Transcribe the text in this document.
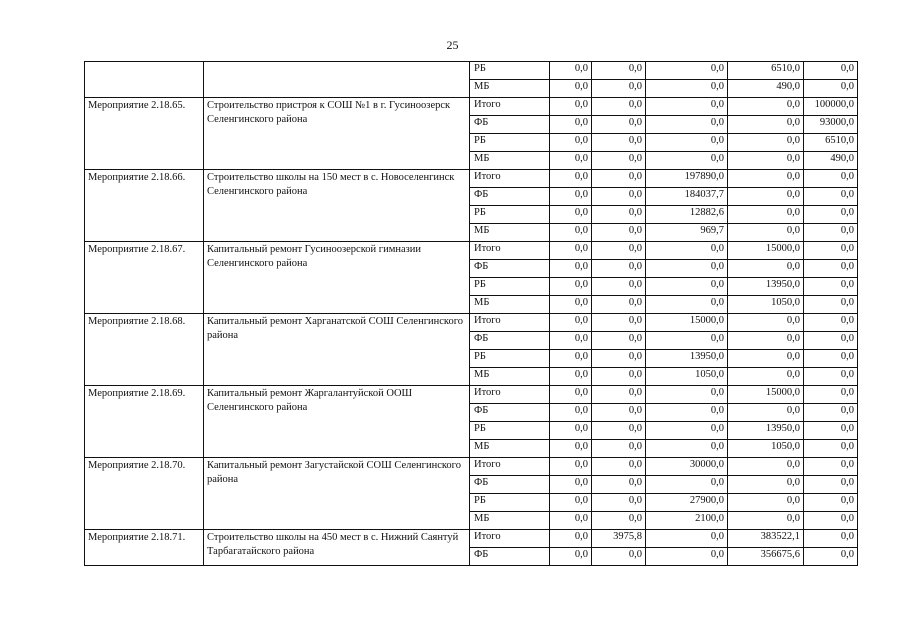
25
		РБ	0,0	0,0	0,0	6510,0	0,0
		МБ	0,0	0,0	0,0	490,0	0,0
Мероприятие 2.18.65.	Строительство пристроя к СОШ №1 в г. Гусиноозерск Селенгинского района	Итого	0,0	0,0	0,0	0,0	100000,0
		ФБ	0,0	0,0	0,0	0,0	93000,0
		РБ	0,0	0,0	0,0	0,0	6510,0
		МБ	0,0	0,0	0,0	0,0	490,0
Мероприятие 2.18.66.	Строительство школы на 150 мест в с. Новоселенгинск Селенгинского района	Итого	0,0	0,0	197890,0	0,0	0,0
		ФБ	0,0	0,0	184037,7	0,0	0,0
		РБ	0,0	0,0	12882,6	0,0	0,0
		МБ	0,0	0,0	969,7	0,0	0,0
Мероприятие 2.18.67.	Капитальный ремонт Гусиноозерской гимназии Селенгинского района	Итого	0,0	0,0	0,0	15000,0	0,0
		ФБ	0,0	0,0	0,0	0,0	0,0
		РБ	0,0	0,0	0,0	13950,0	0,0
		МБ	0,0	0,0	0,0	1050,0	0,0
Мероприятие 2.18.68.	Капитальный ремонт Харганатской СОШ Селенгинского района	Итого	0,0	0,0	15000,0	0,0	0,0
		ФБ	0,0	0,0	0,0	0,0	0,0
		РБ	0,0	0,0	13950,0	0,0	0,0
		МБ	0,0	0,0	1050,0	0,0	0,0
Мероприятие 2.18.69.	Капитальный ремонт Жаргалантуйской ООШ Селенгинского района	Итого	0,0	0,0	0,0	15000,0	0,0
		ФБ	0,0	0,0	0,0	0,0	0,0
		РБ	0,0	0,0	0,0	13950,0	0,0
		МБ	0,0	0,0	0,0	1050,0	0,0
Мероприятие 2.18.70.	Капитальный ремонт Загустайской СОШ Селенгинского района	Итого	0,0	0,0	30000,0	0,0	0,0
		ФБ	0,0	0,0	0,0	0,0	0,0
		РБ	0,0	0,0	27900,0	0,0	0,0
		МБ	0,0	0,0	2100,0	0,0	0,0
Мероприятие 2.18.71.	Строительство школы на 450 мест в с. Нижний Саянтуй Тарбагатайского района	Итого	0,0	3975,8	0,0	383522,1	0,0
		ФБ	0,0	0,0	0,0	356675,6	0,0
